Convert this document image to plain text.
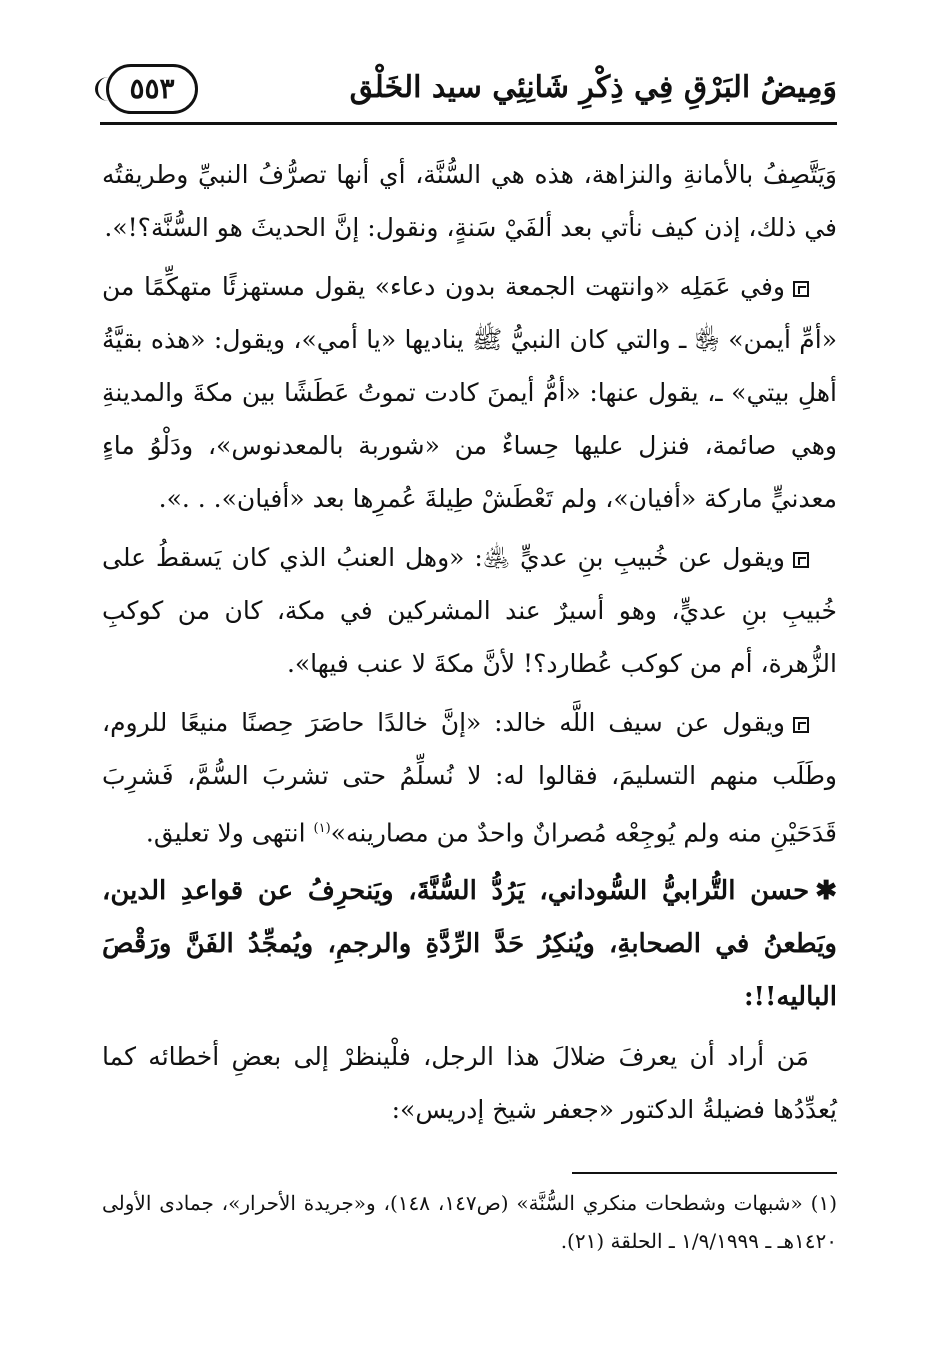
وَمِيضُ البَرْقِ فِي ذِكْرِ شَانِئِي سيد الخَلْق
٥٥٣

وَيَتَّصِفُ بالأمانةِ والنزاهة، هذه هي السُّنَّة، أي أنها تصرُّفُ النبيِّ وطريقتُه في ذلك، إذن كيف نأتي بعد ألفَيْ سَنةٍ، ونقول: إنَّ الحديثَ هو السُّنَّة؟!».

وفي عَمَلِه «وانتهت الجمعة بدون دعاء» يقول مستهزئًا متهكِّمًا من «أمِّ أيمن» ﵂ ـ والتي كان النبيُّ ﷺ يناديها «يا أمي»، ويقول: «هذه بقيَّةُ أهلِ بيتي» ـ، يقول عنها: «أمُّ أيمنَ كادت تموتُ عَطَشًا بين مكةَ والمدينةِ وهي صائمة، فنزل عليها حِساءٌ من «شوربة بالمعدنوس»، ودَلْوُ ماءٍ معدنيٍّ ماركة «أفيان»، ولم تَعْطَشْ طِيلةَ عُمرِها بعد «أفيان». . .».

ويقول عن خُبيبِ بنِ عديٍّ ﵁: «وهل العنبُ الذي كان يَسقطُ على خُبيبِ بنِ عديٍّ، وهو أسيرٌ عند المشركين في مكة، كان من كوكبِ الزُّهرة، أم من كوكب عُطارد؟! لأنَّ مكةَ لا عنب فيها».

ويقول عن سيف اللَّه خالد: «إنَّ خالدًا حاصَرَ حِصنًا منيعًا للروم، وطَلَب منهم التسليمَ، فقالوا له: لا نُسلِّمُ حتى تشربَ السُّمَّ، فَشرِبَ قَدَحَيْنِ منه ولم يُوجِعْه مُصرانٌ واحدٌ من مصارينه»$^{(١)}$ انتهى ولا تعليق.

✱حسن التُّرابيُّ السُّوداني، يَرُدُّ السُّنَّةَ، ويَنحرِفُ عن قواعدِ الدين، ويَطعنُ في الصحابةِ، ويُنكِرُ حَدَّ الرِّدَّةِ والرجمِ، ويُمجِّدُ الفَنَّ ورَقْصَ الباليه!!:

مَن أراد أن يعرفَ ضلالَ هذا الرجل، فلْينظرْ إلى بعضِ أخطائه كما يُعدِّدُها فضيلةُ الدكتور «جعفر شيخ إدريس»:

(١) «شبهات وشطحات منكري السُّنَّة» (ص١٤٧، ١٤٨)، و«جريدة الأحرار»، جمادى الأولى ١٤٢٠هـ ـ ١/٩/١٩٩٩ ـ الحلقة (٢١).
